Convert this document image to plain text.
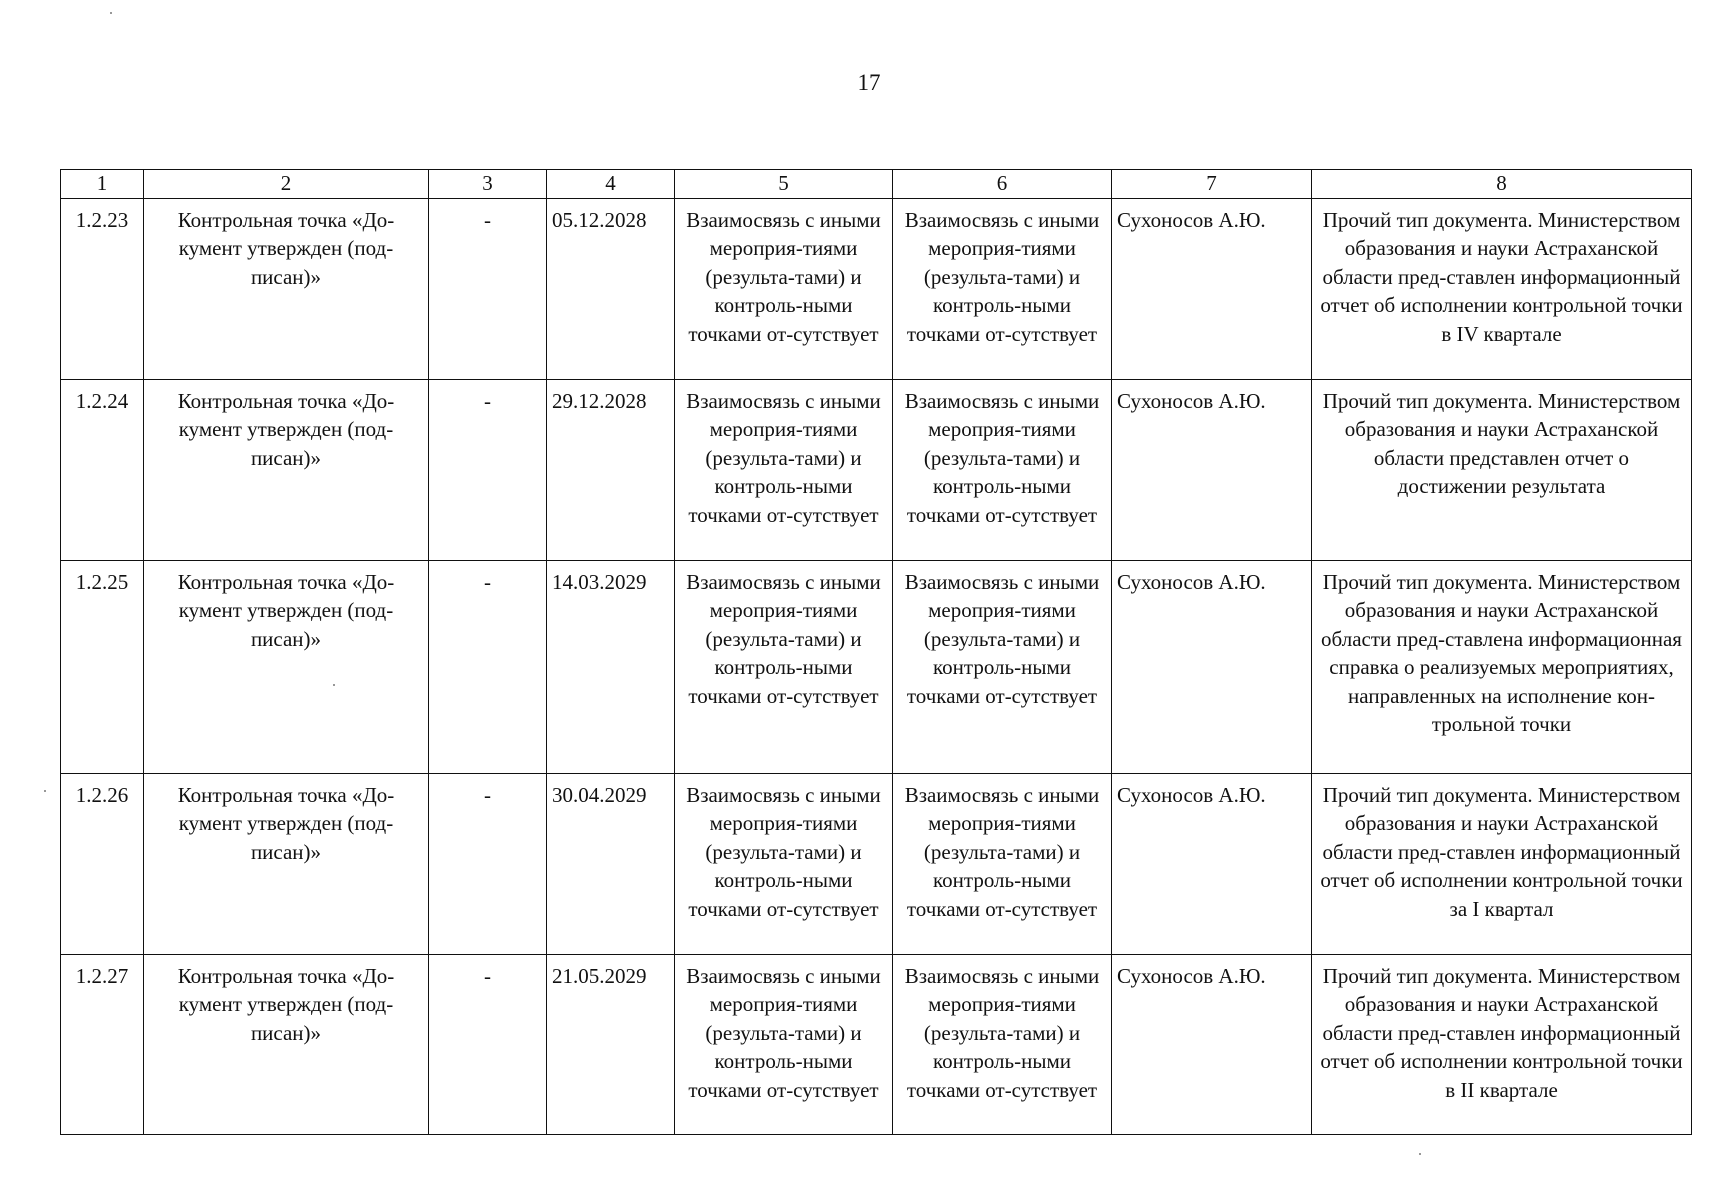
17
1	2	3	4	5	6	7	8
1.2.23	Контрольная точка «До-кумент утвержден (под-писан)»	-	05.12.2028	Взаимосвязь с иными мероприя-тиями (результа-тами) и контроль-ными точками от-сутствует	Взаимосвязь с иными мероприя-тиями (результа-тами) и контроль-ными точками от-сутствует	Сухоносов А.Ю.	Прочий тип документа. Министерством образования и науки Астраханской области пред-ставлен информационный отчет об исполнении контрольной точки в IV квартале
1.2.24	Контрольная точка «До-кумент утвержден (под-писан)»	-	29.12.2028	Взаимосвязь с иными мероприя-тиями (результа-тами) и контроль-ными точками от-сутствует	Взаимосвязь с иными мероприя-тиями (результа-тами) и контроль-ными точками от-сутствует	Сухоносов А.Ю.	Прочий тип документа. Министерством образования и науки Астраханской области представлен отчет о достижении результата
1.2.25	Контрольная точка «До-кумент утвержден (под-писан)»	-	14.03.2029	Взаимосвязь с иными мероприя-тиями (результа-тами) и контроль-ными точками от-сутствует	Взаимосвязь с иными мероприя-тиями (результа-тами) и контроль-ными точками от-сутствует	Сухоносов А.Ю.	Прочий тип документа. Министерством образования и науки Астраханской области пред-ставлена информационная справка о реализуемых мероприятиях, направленных на исполнение кон-трольной точки
1.2.26	Контрольная точка «До-кумент утвержден (под-писан)»	-	30.04.2029	Взаимосвязь с иными мероприя-тиями (результа-тами) и контроль-ными точками от-сутствует	Взаимосвязь с иными мероприя-тиями (результа-тами) и контроль-ными точками от-сутствует	Сухоносов А.Ю.	Прочий тип документа. Министерством образования и науки Астраханской области пред-ставлен информационный отчет об исполнении контрольной точки за I квартал
1.2.27	Контрольная точка «До-кумент утвержден (под-писан)»	-	21.05.2029	Взаимосвязь с иными мероприя-тиями (результа-тами) и контроль-ными точками от-сутствует	Взаимосвязь с иными мероприя-тиями (результа-тами) и контроль-ными точками от-сутствует	Сухоносов А.Ю.	Прочий тип документа. Министерством образования и науки Астраханской области пред-ставлен информационный отчет об исполнении контрольной точки в II квартале
